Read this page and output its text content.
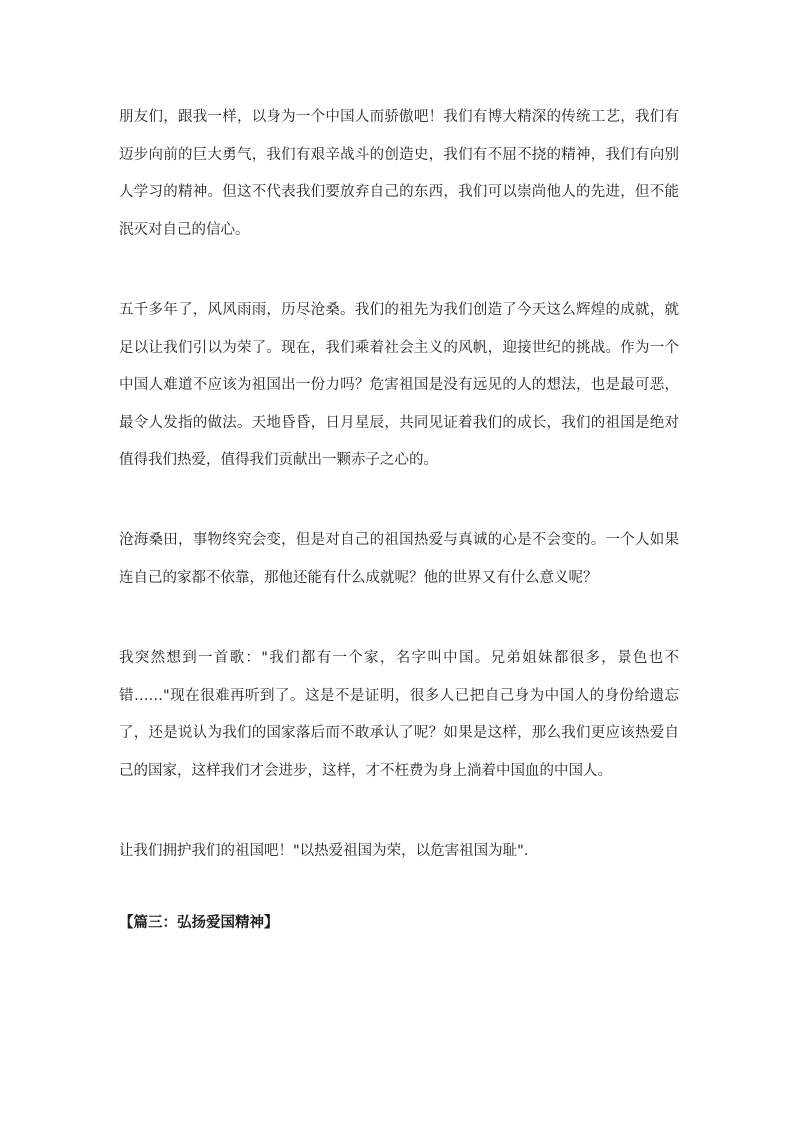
朋友们，跟我一样，以身为一个中国人而骄傲吧！我们有博大精深的传统工艺，我们有迈步向前的巨大勇气，我们有艰辛战斗的创造史，我们有不屈不挠的精神，我们有向别人学习的精神。但这不代表我们要放弃自己的东西，我们可以崇尚他人的先进，但不能泯灭对自己的信心。

五千多年了，风风雨雨，历尽沧桑。我们的祖先为我们创造了今天这么辉煌的成就，就足以让我们引以为荣了。现在，我们乘着社会主义的风帆，迎接世纪的挑战。作为一个中国人难道不应该为祖国出一份力吗？危害祖国是没有远见的人的想法，也是最可恶，最令人发指的做法。天地昏昏，日月星辰，共同见证着我们的成长，我们的祖国是绝对值得我们热爱，值得我们贡献出一颗赤子之心的。

沧海桑田，事物终究会变，但是对自己的祖国热爱与真诚的心是不会变的。一个人如果连自己的家都不依靠，那他还能有什么成就呢？他的世界又有什么意义呢？

我突然想到一首歌："我们都有一个家，名字叫中国。兄弟姐妹都很多，景色也不错……"现在很难再听到了。这是不是证明，很多人已把自己身为中国人的身份给遗忘了，还是说认为我们的国家落后而不敢承认了呢？如果是这样，那么我们更应该热爱自己的国家，这样我们才会进步，这样，才不枉费为身上淌着中国血的中国人。

让我们拥护我们的祖国吧！"以热爱祖国为荣，以危害祖国为耻".

【篇三：弘扬爱国精神】
